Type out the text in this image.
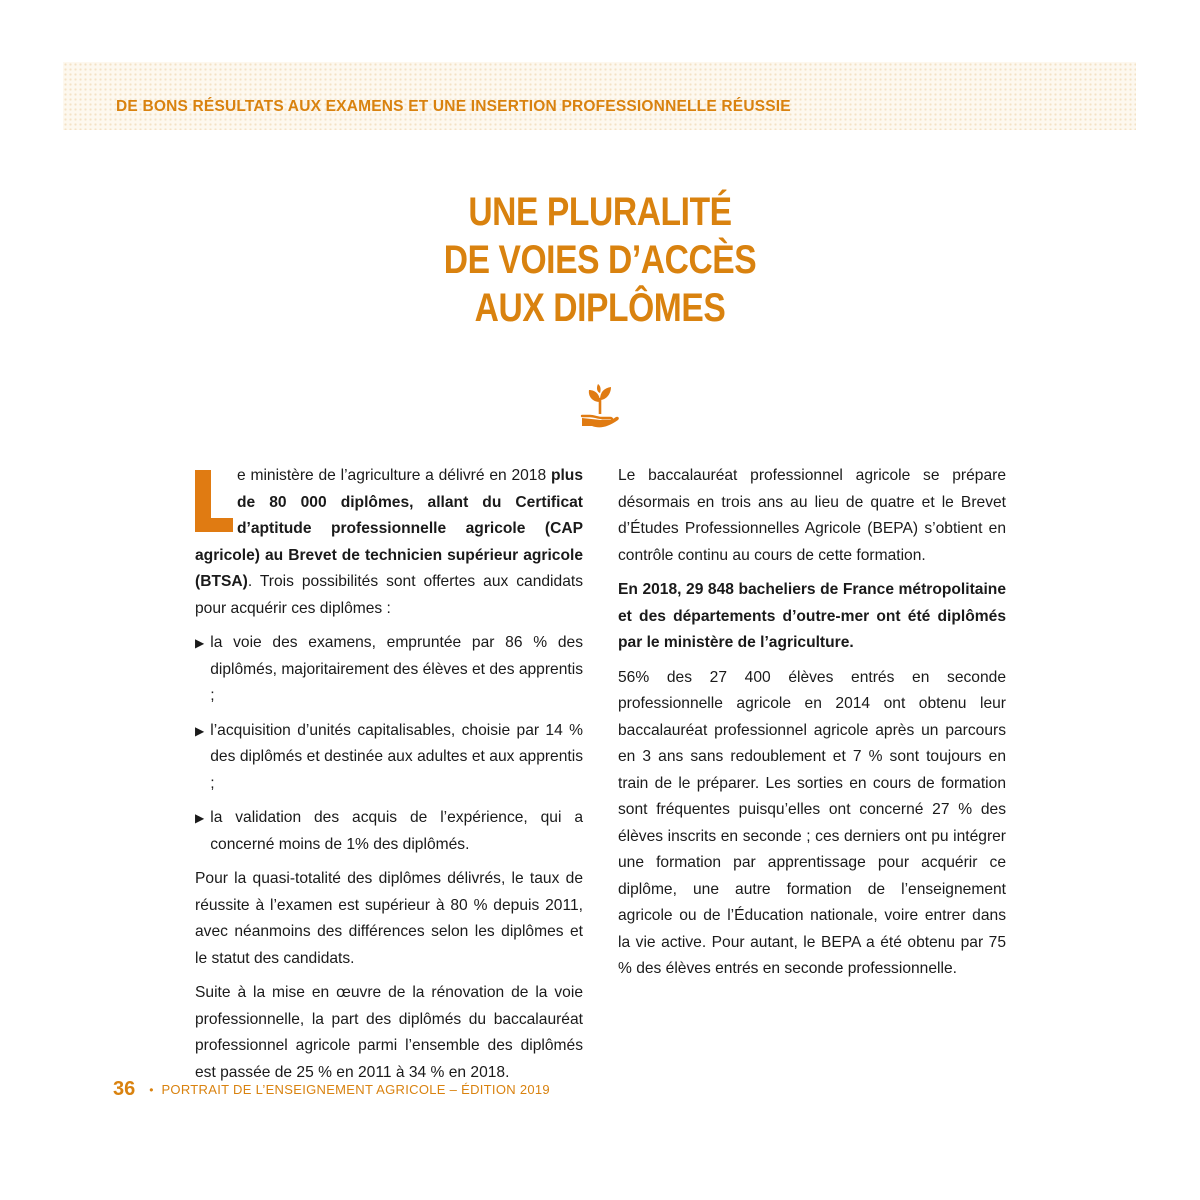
DE BONS RÉSULTATS AUX EXAMENS ET UNE INSERTION PROFESSIONNELLE RÉUSSIE
UNE PLURALITÉ
DE VOIES D’ACCÈS
AUX DIPLÔMES

e ministère de l’agriculture a délivré en 2018 plus de 80 000 diplômes, allant du Certificat d’aptitude professionnelle agricole (CAP agricole) au Brevet de technicien supérieur agricole (BTSA). Trois possibilités sont offertes aux candidats pour acquérir ces diplômes :

▶ la voie des examens, empruntée par 86 % des diplômés, majoritairement des élèves et des apprentis ;
▶ l’acquisition d’unités capitalisables, choisie par 14 % des diplômés et destinée aux adultes et aux apprentis ;
▶ la validation des acquis de l’expérience, qui a concerné moins de 1% des diplômés.

Pour la quasi-totalité des diplômes délivrés, le taux de réussite à l’examen est supérieur à 80 % depuis 2011, avec néanmoins des différences selon les diplômes et le statut des candidats.

Suite à la mise en œuvre de la rénovation de la voie professionnelle, la part des diplômés du baccalauréat professionnel agricole parmi l’ensemble des diplômés est passée de 25 % en 2011 à 34 % en 2018.

Le baccalauréat professionnel agricole se prépare désormais en trois ans au lieu de quatre et le Brevet d’Études Professionnelles Agricole (BEPA) s’obtient en contrôle continu au cours de cette formation.

En 2018, 29 848 bacheliers de France métropolitaine et des départements d’outre-mer ont été diplômés par le ministère de l’agriculture.

56% des 27 400 élèves entrés en seconde professionnelle agricole en 2014 ont obtenu leur baccalauréat professionnel agricole après un parcours en 3 ans sans redoublement et 7 % sont toujours en train de le préparer. Les sorties en cours de formation sont fréquentes puisqu’elles ont concerné 27 % des élèves inscrits en seconde ; ces derniers ont pu intégrer une formation par apprentissage pour acquérir ce diplôme, une autre formation de l’enseignement agricole ou de l’Éducation nationale, voire entrer dans la vie active. Pour autant, le BEPA a été obtenu par 75 % des élèves entrés en seconde professionnelle.

36 • PORTRAIT DE L’ENSEIGNEMENT AGRICOLE – ÉDITION 2019
